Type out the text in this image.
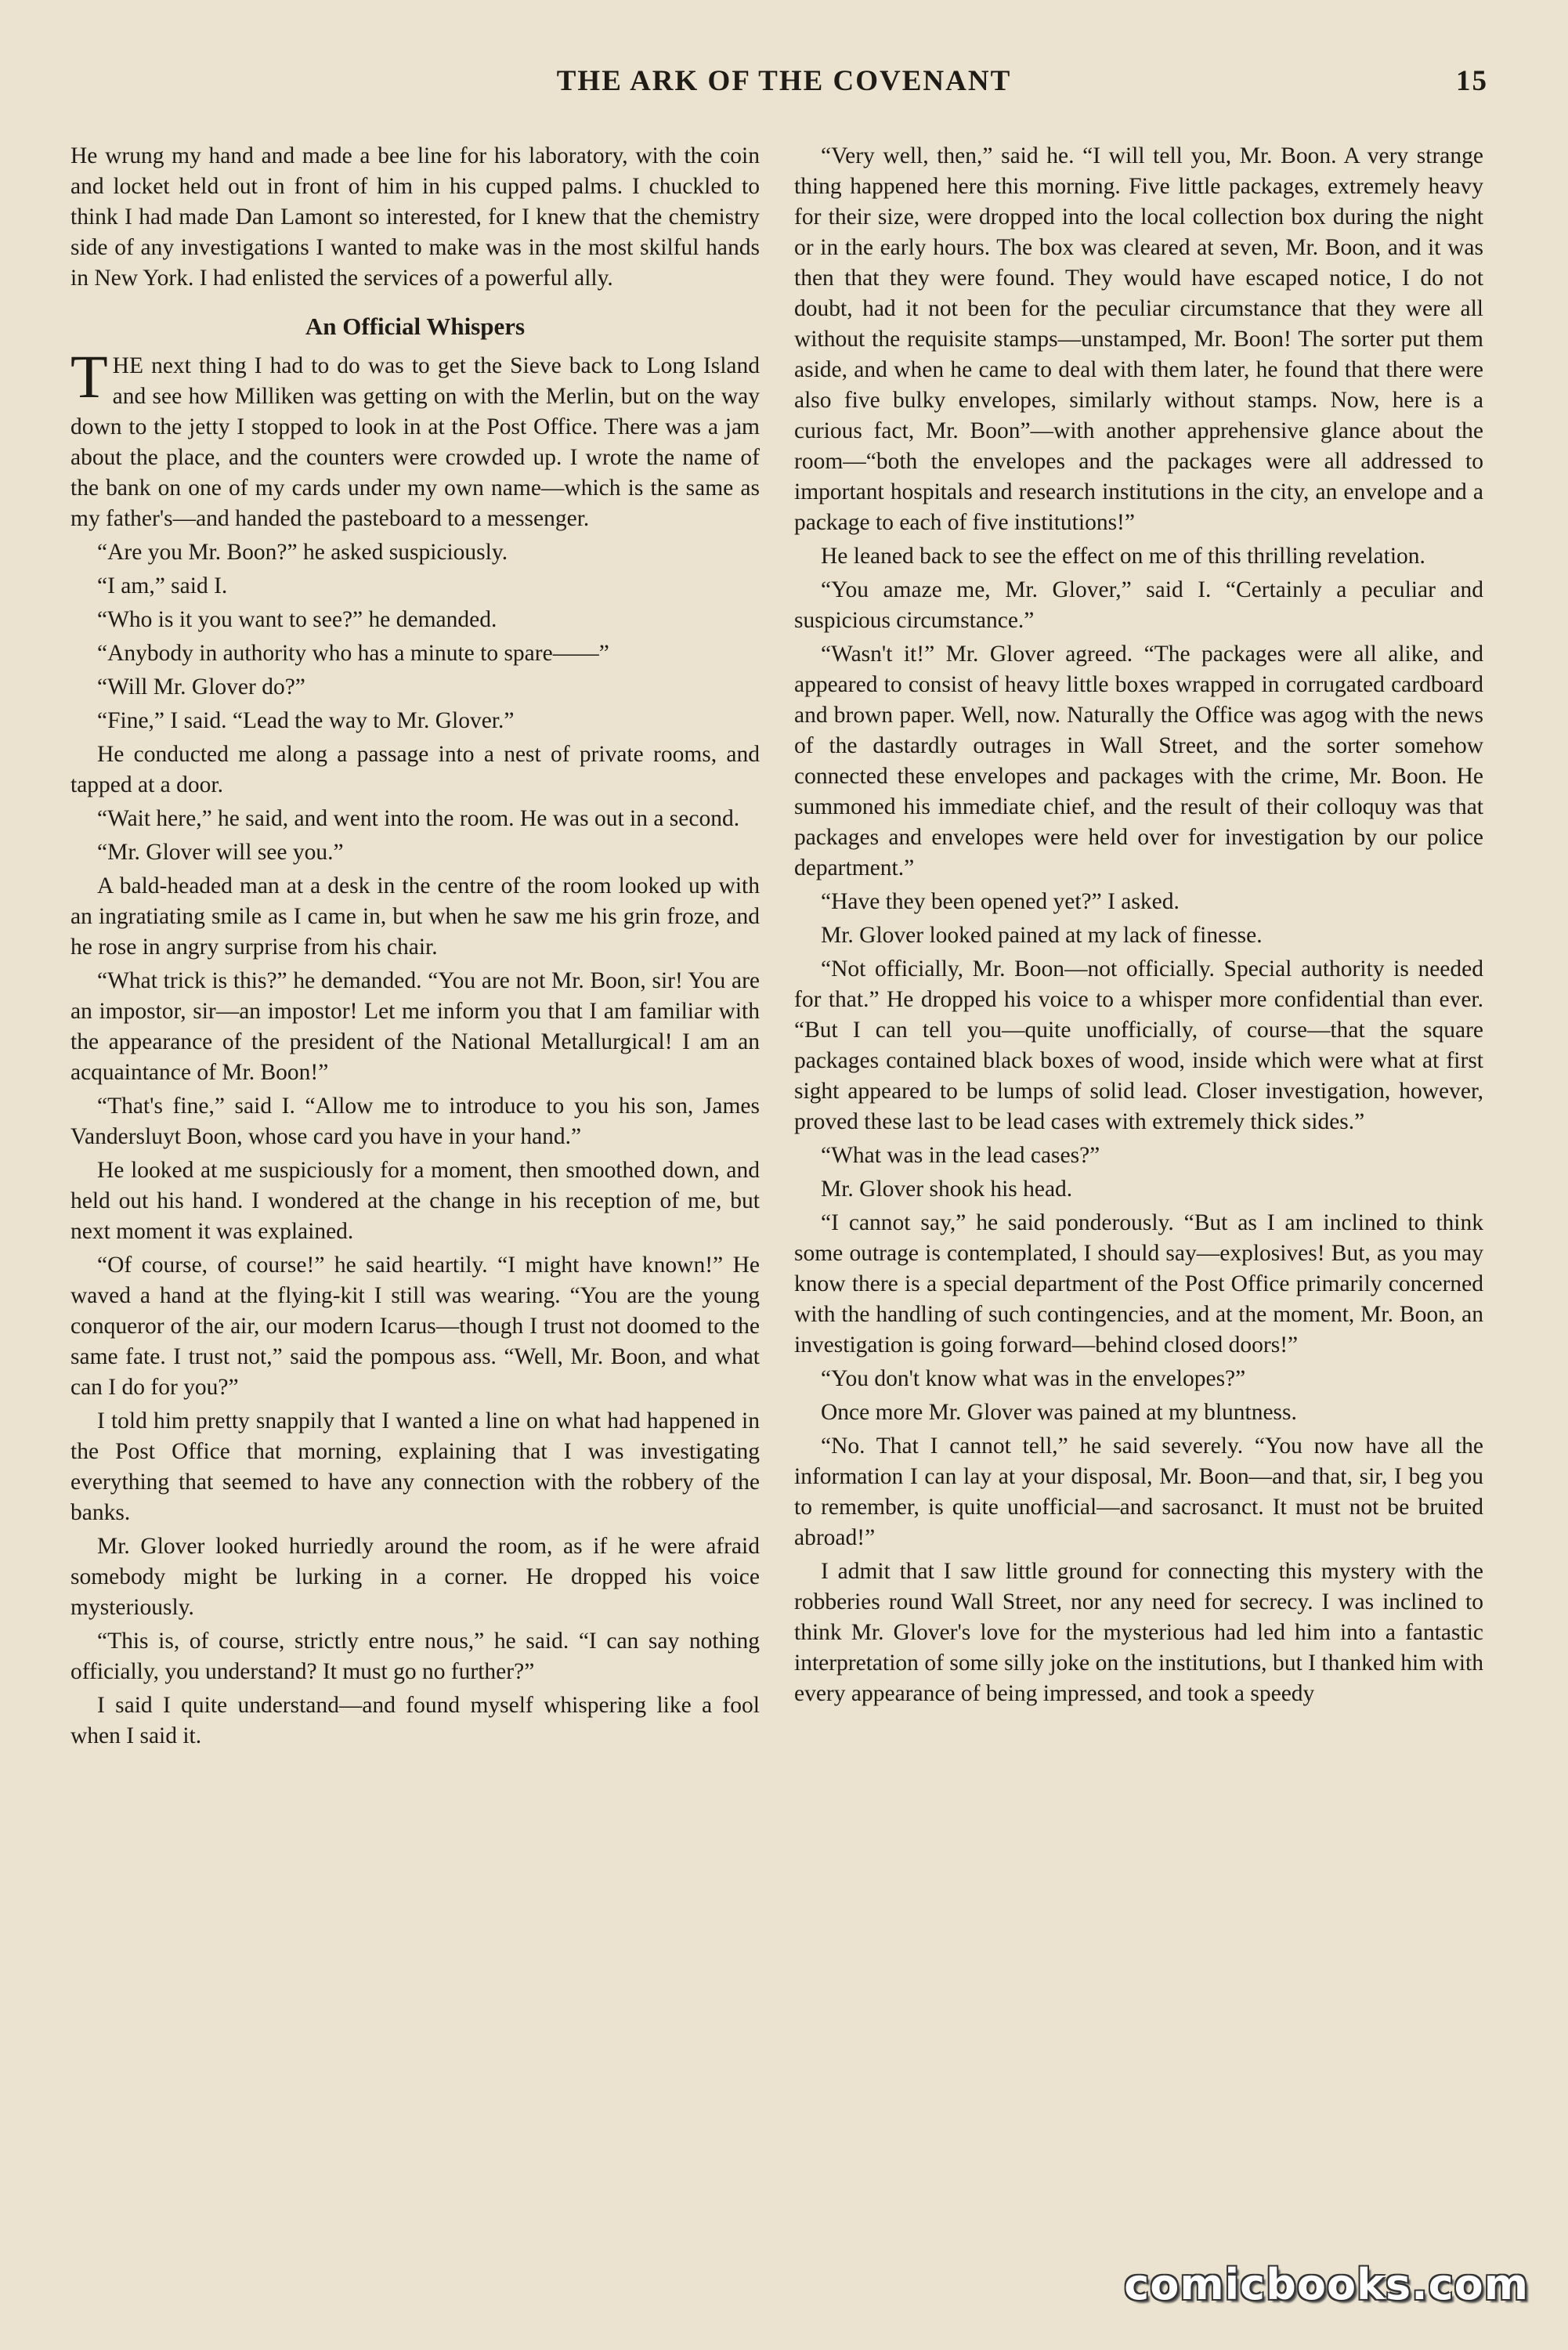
THE ARK OF THE COVENANT	15

He wrung my hand and made a bee line for his laboratory, with the coin and locket held out in front of him in his cupped palms. I chuckled to think I had made Dan Lamont so interested, for I knew that the chemistry side of any investigations I wanted to make was in the most skilful hands in New York. I had enlisted the services of a powerful ally.

An Official Whispers

THE next thing I had to do was to get the Sieve back to Long Island and see how Milliken was getting on with the Merlin, but on the way down to the jetty I stopped to look in at the Post Office. There was a jam about the place, and the counters were crowded up. I wrote the name of the bank on one of my cards under my own name—which is the same as my father's—and handed the pasteboard to a messenger.

“Are you Mr. Boon?” he asked suspiciously.

“I am,” said I.

“Who is it you want to see?” he demanded.

“Anybody in authority who has a minute to spare——”

“Will Mr. Glover do?”

“Fine,” I said. “Lead the way to Mr. Glover.”

He conducted me along a passage into a nest of private rooms, and tapped at a door.

“Wait here,” he said, and went into the room. He was out in a second.

“Mr. Glover will see you.”

A bald-headed man at a desk in the centre of the room looked up with an ingratiating smile as I came in, but when he saw me his grin froze, and he rose in angry surprise from his chair.

“What trick is this?” he demanded. “You are not Mr. Boon, sir! You are an impostor, sir—an impostor! Let me inform you that I am familiar with the appearance of the president of the National Metallurgical! I am an acquaintance of Mr. Boon!”

“That's fine,” said I. “Allow me to introduce to you his son, James Vandersluyt Boon, whose card you have in your hand.”

He looked at me suspiciously for a moment, then smoothed down, and held out his hand. I wondered at the change in his reception of me, but next moment it was explained.

“Of course, of course!” he said heartily. “I might have known!” He waved a hand at the flying-kit I still was wearing. “You are the young conqueror of the air, our modern Icarus—though I trust not doomed to the same fate. I trust not,” said the pompous ass. “Well, Mr. Boon, and what can I do for you?”

I told him pretty snappily that I wanted a line on what had happened in the Post Office that morning, explaining that I was investigating everything that seemed to have any connection with the robbery of the banks.

Mr. Glover looked hurriedly around the room, as if he were afraid somebody might be lurking in a corner. He dropped his voice mysteriously.

“This is, of course, strictly entre nous,” he said. “I can say nothing officially, you understand? It must go no further?”

I said I quite understand—and found myself whispering like a fool when I said it.

“Very well, then,” said he. “I will tell you, Mr. Boon. A very strange thing happened here this morning. Five little packages, extremely heavy for their size, were dropped into the local collection box during the night or in the early hours. The box was cleared at seven, Mr. Boon, and it was then that they were found. They would have escaped notice, I do not doubt, had it not been for the peculiar circumstance that they were all without the requisite stamps—unstamped, Mr. Boon! The sorter put them aside, and when he came to deal with them later, he found that there were also five bulky envelopes, similarly without stamps. Now, here is a curious fact, Mr. Boon”—with another apprehensive glance about the room—“both the envelopes and the packages were all addressed to important hospitals and research institutions in the city, an envelope and a package to each of five institutions!”

He leaned back to see the effect on me of this thrilling revelation.

“You amaze me, Mr. Glover,” said I. “Certainly a peculiar and suspicious circumstance.”

“Wasn't it!” Mr. Glover agreed. “The packages were all alike, and appeared to consist of heavy little boxes wrapped in corrugated cardboard and brown paper. Well, now. Naturally the Office was agog with the news of the dastardly outrages in Wall Street, and the sorter somehow connected these envelopes and packages with the crime, Mr. Boon. He summoned his immediate chief, and the result of their colloquy was that packages and envelopes were held over for investigation by our police department.”

“Have they been opened yet?” I asked.

Mr. Glover looked pained at my lack of finesse.

“Not officially, Mr. Boon—not officially. Special authority is needed for that.” He dropped his voice to a whisper more confidential than ever. “But I can tell you—quite unofficially, of course—that the square packages contained black boxes of wood, inside which were what at first sight appeared to be lumps of solid lead. Closer investigation, however, proved these last to be lead cases with extremely thick sides.”

“What was in the lead cases?”

Mr. Glover shook his head.

“I cannot say,” he said ponderously. “But as I am inclined to think some outrage is contemplated, I should say—explosives! But, as you may know there is a special department of the Post Office primarily concerned with the handling of such contingencies, and at the moment, Mr. Boon, an investigation is going forward—behind closed doors!”

“You don't know what was in the envelopes?”

Once more Mr. Glover was pained at my bluntness.

“No. That I cannot tell,” he said severely. “You now have all the information I can lay at your disposal, Mr. Boon—and that, sir, I beg you to remember, is quite unofficial—and sacrosanct. It must not be bruited abroad!”

I admit that I saw little ground for connecting this mystery with the robberies round Wall Street, nor any need for secrecy. I was inclined to think Mr. Glover's love for the mysterious had led him into a fantastic interpretation of some silly joke on the institutions, but I thanked him with every appearance of being impressed, and took a speedy

comicbooks.com
